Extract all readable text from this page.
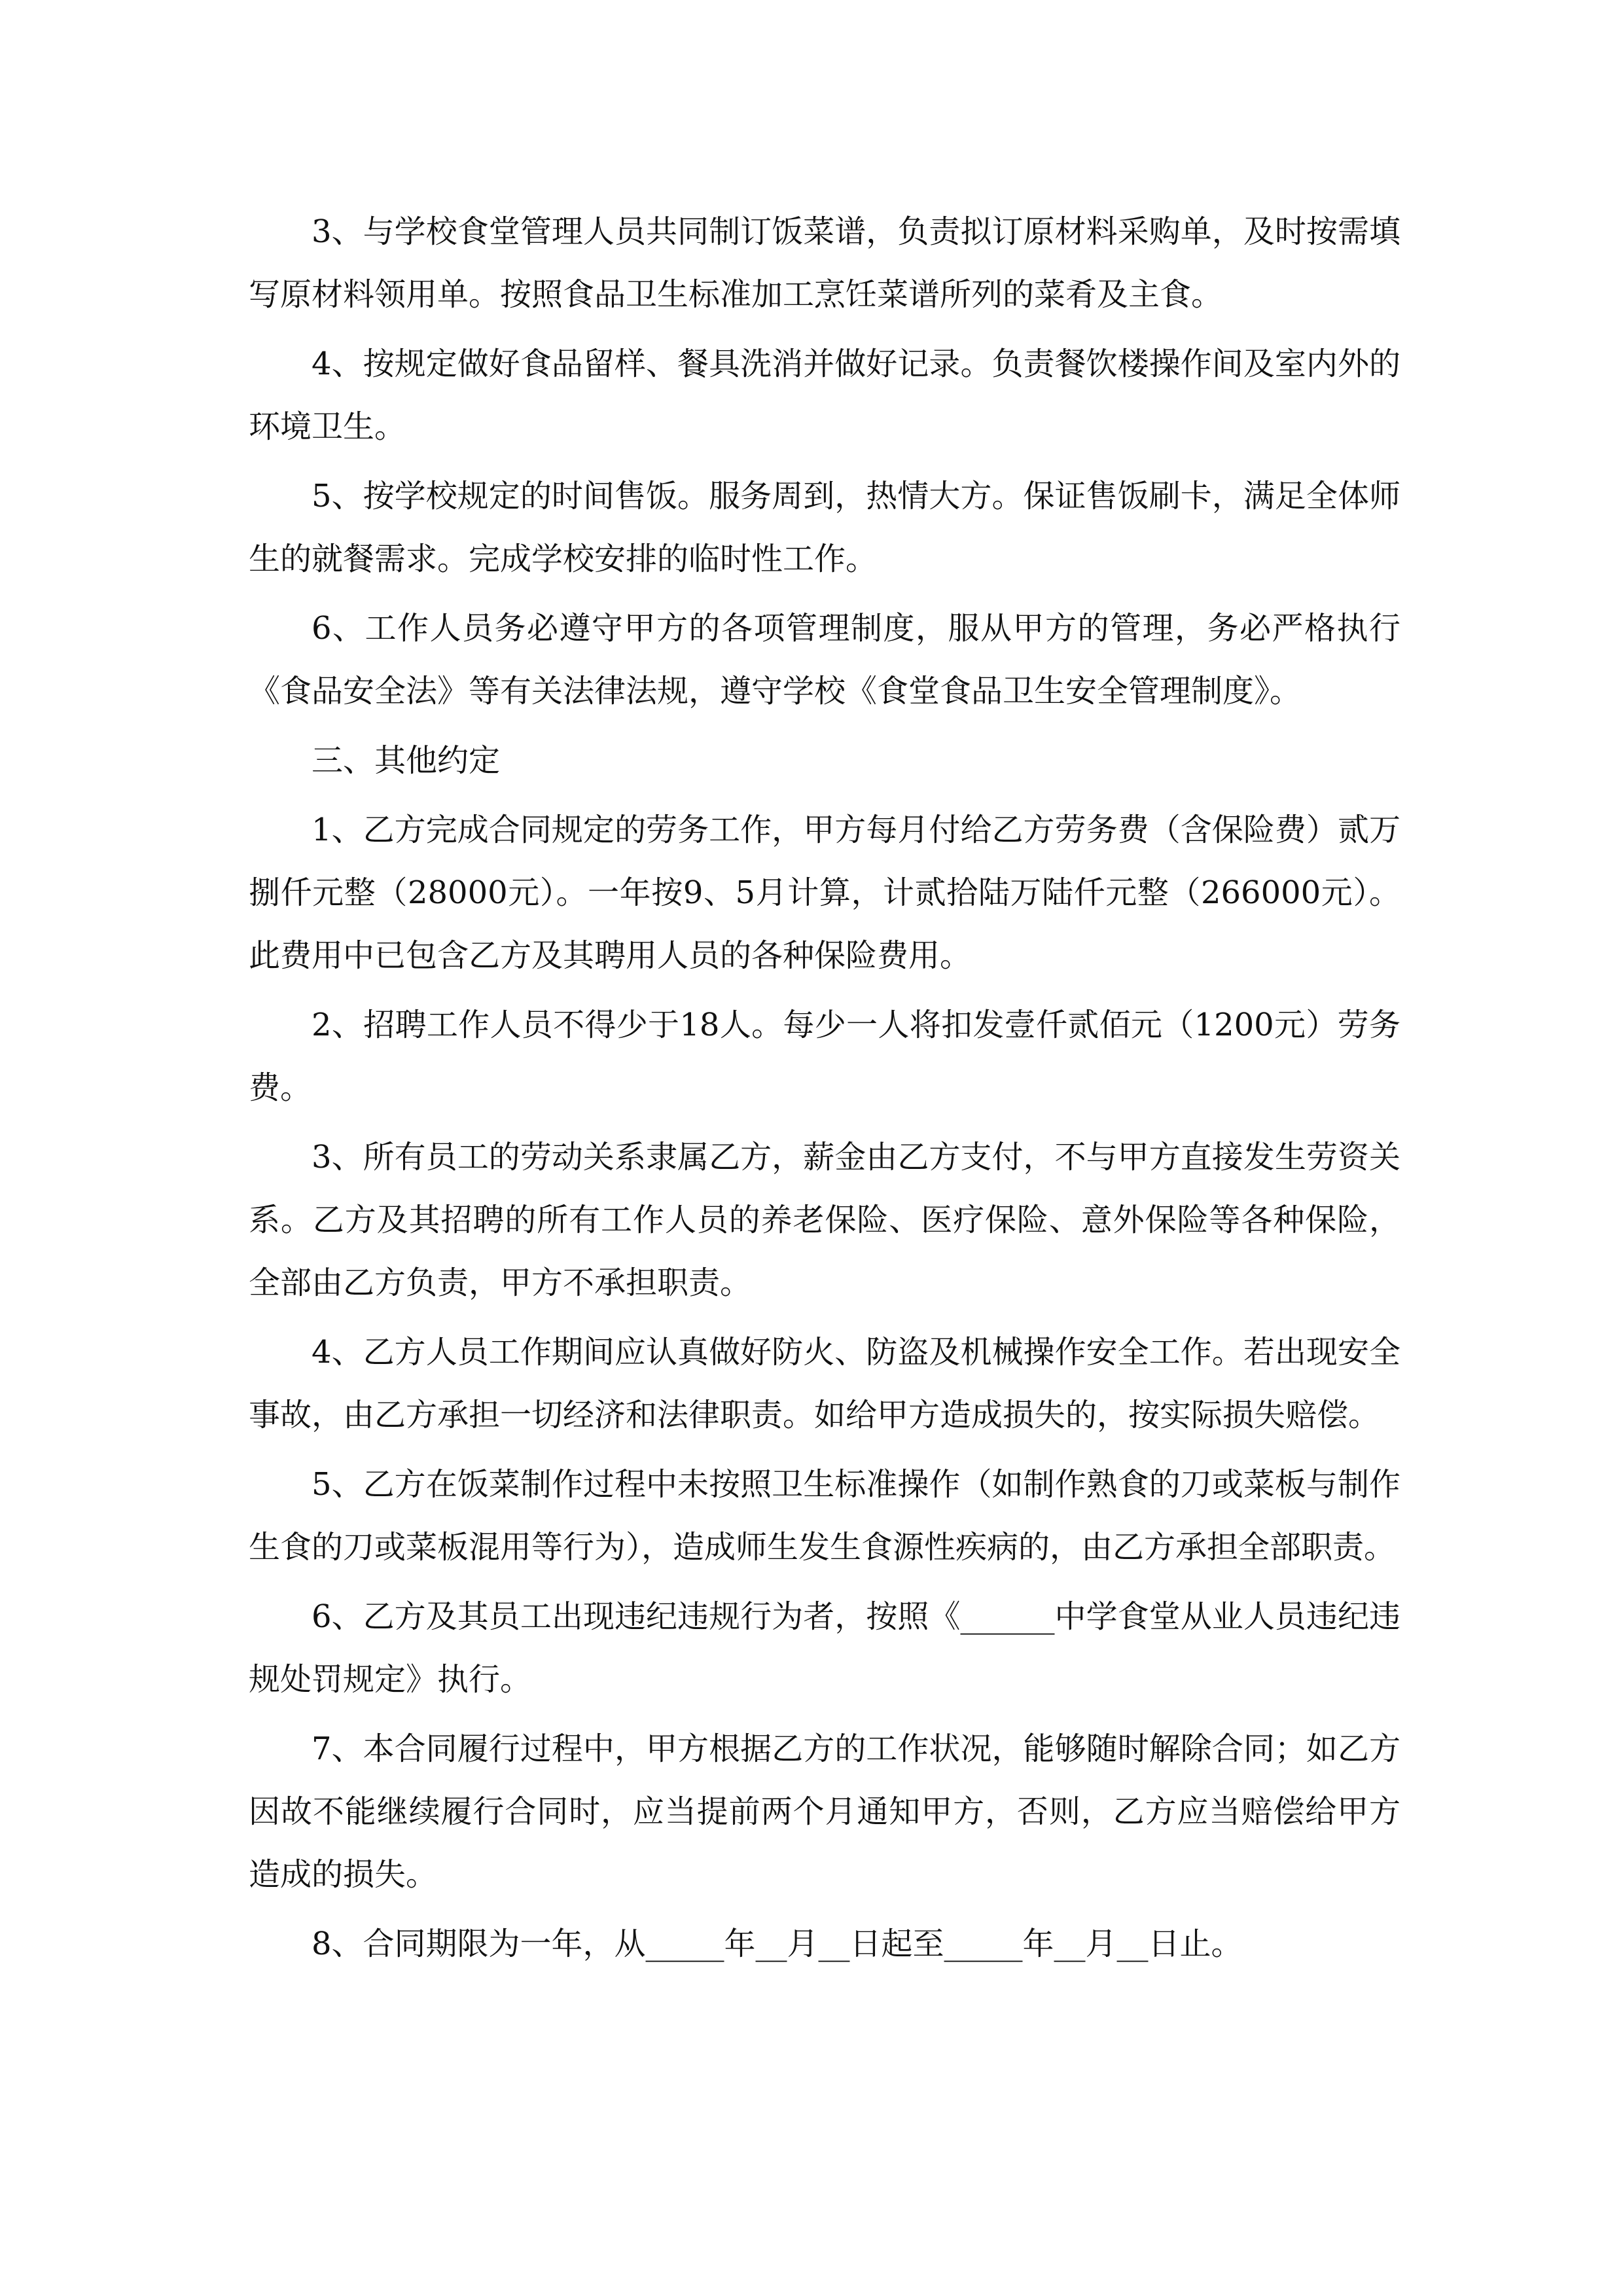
3、与学校食堂管理人员共同制订饭菜谱，负责拟订原材料采购单，及时按需填写原材料领用单。按照食品卫生标准加工烹饪菜谱所列的菜肴及主食。

4、按规定做好食品留样、餐具洗消并做好记录。负责餐饮楼操作间及室内外的环境卫生。

5、按学校规定的时间售饭。服务周到，热情大方。保证售饭刷卡，满足全体师生的就餐需求。完成学校安排的临时性工作。

6、工作人员务必遵守甲方的各项管理制度，服从甲方的管理，务必严格执行《食品安全法》等有关法律法规，遵守学校《食堂食品卫生安全管理制度》。

三、其他约定

1、乙方完成合同规定的劳务工作，甲方每月付给乙方劳务费（含保险费）贰万捌仟元整（28000元）。一年按9、5月计算，计贰拾陆万陆仟元整（266000元）。此费用中已包含乙方及其聘用人员的各种保险费用。

2、招聘工作人员不得少于18人。每少一人将扣发壹仟贰佰元（1200元）劳务费。

3、所有员工的劳动关系隶属乙方，薪金由乙方支付，不与甲方直接发生劳资关系。乙方及其招聘的所有工作人员的养老保险、医疗保险、意外保险等各种保险，全部由乙方负责，甲方不承担职责。

4、乙方人员工作期间应认真做好防火、防盗及机械操作安全工作。若出现安全事故，由乙方承担一切经济和法律职责。如给甲方造成损失的，按实际损失赔偿。

5、乙方在饭菜制作过程中未按照卫生标准操作（如制作熟食的刀或菜板与制作生食的刀或菜板混用等行为），造成师生发生食源性疾病的，由乙方承担全部职责。

6、乙方及其员工出现违纪违规行为者，按照《______中学食堂从业人员违纪违规处罚规定》执行。

7、本合同履行过程中，甲方根据乙方的工作状况，能够随时解除合同；如乙方因故不能继续履行合同时，应当提前两个月通知甲方，否则，乙方应当赔偿给甲方造成的损失。

8、合同期限为一年，从_____年__月__日起至_____年__月__日止。
